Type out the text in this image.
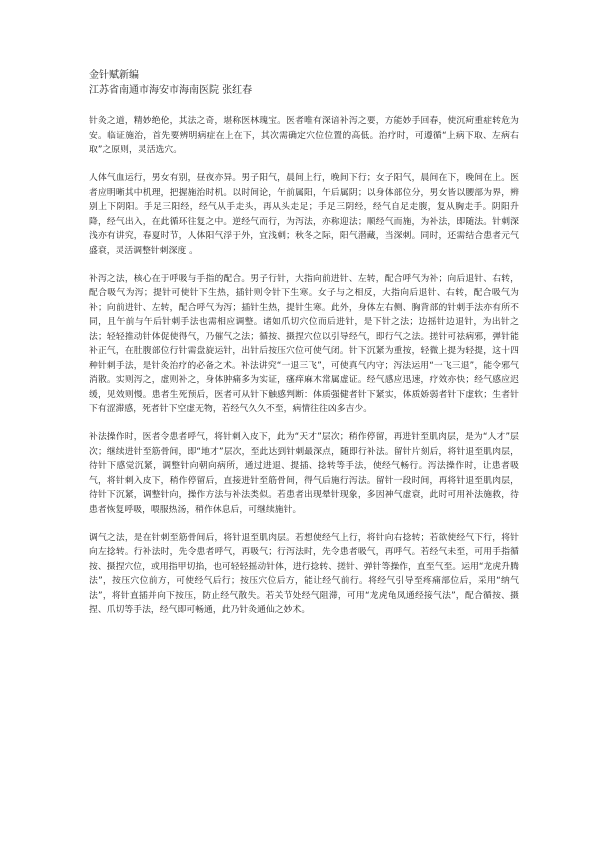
金针赋新编

江苏省南通市海安市海南医院 张红春

针灸之道，精妙绝伦，其法之奇，堪称医林瑰宝。医者唯有深谙补泻之要，方能妙手回春，使沉疴重症转危为安。临证施治，首先要辨明病症在上在下，其次需确定穴位位置的高低。治疗时，可遵循“上病下取、左病右取”之原则，灵活选穴。

人体气血运行，男女有别，昼夜亦异。男子阳气，晨间上行，晚间下行；女子阳气，晨间在下，晚间在上。医者应明晰其中机理，把握施治时机。以时间论，午前属阳，午后属阴；以身体部位分，男女皆以腰部为界，辨别上下阴阳。手足三阳经，经气从手走头，再从头走足；手足三阴经，经气自足走腹，复从胸走手。阴阳升降，经气出入，在此循环往复之中。逆经气而行，为泻法，亦称迎法；顺经气而施，为补法，即随法。针刺深浅亦有讲究，春夏时节，人体阳气浮于外，宜浅刺；秋冬之际，阳气潜藏，当深刺。同时，还需结合患者元气盛衰，灵活调整针刺深度 。

补泻之法，核心在于呼吸与手指的配合。男子行针，大指向前进针、左转，配合呼气为补；向后退针、右转，配合吸气为泻；提针可使针下生热，插针则令针下生寒。女子与之相反，大指向后退针、右转，配合吸气为补；向前进针、左转，配合呼气为泻；插针生热，提针生寒。此外，身体左右侧、胸背部的针刺手法亦有所不同，且午前与午后针刺手法也需相应调整。诸如爪切穴位而后进针，是下针之法；边摇针边退针，为出针之法；轻轻推动针体促使得气，乃催气之法；循按、摄捏穴位以引导经气，即行气之法。搓针可祛病邪，弹针能补正气，在肚腹部位行针需盘旋运针，出针后按压穴位可使气闭。针下沉紧为重按，轻微上提为轻提，这十四种针刺手法，是针灸治疗的必备之术。补法讲究“一退三飞”，可使真气内守；泻法运用“一飞三退”，能令邪气消散。实则泻之，虚则补之，身体肿痛多为实证，瘙痒麻木常属虚证。经气感应迅速，疗效亦快；经气感应迟缓，见效则慢。患者生死预后，医者可从针下触感判断：体质强健者针下紧实，体质娇弱者针下虚软；生者针下有涩滞感，死者针下空虚无物，若经气久久不至，病情往往凶多吉少。

补法操作时，医者令患者呼气，将针刺入皮下，此为“天才”层次；稍作停留，再进针至肌肉层，是为“人才”层次；继续进针至筋骨间，即“地才”层次，至此达到针刺最深点，随即行补法。留针片刻后，将针退至肌肉层，待针下感觉沉紧，调整针向朝向病所，通过进退、提插、捻转等手法，使经气畅行。泻法操作时，让患者吸气，将针刺入皮下，稍作停留后，直接进针至筋骨间，得气后施行泻法。留针一段时间，再将针退至肌肉层，待针下沉紧，调整针向，操作方法与补法类似。若患者出现晕针现象，多因神气虚衰，此时可用补法施救，待患者恢复呼吸，喂服热汤，稍作休息后，可继续施针。

调气之法，是在针刺至筋骨间后，将针退至肌肉层。若想使经气上行，将针向右捻转；若欲使经气下行，将针向左捻转。行补法时，先令患者呼气，再吸气；行泻法时，先令患者吸气，再呼气。若经气未至，可用手指循按、摄捏穴位，或用指甲切掐，也可轻轻摇动针体，进行捻转、搓针、弹针等操作，直至气至。运用“龙虎升腾法”，按压穴位前方，可使经气后行；按压穴位后方，能让经气前行。将经气引导至疼痛部位后，采用“纳气法”，将针直插并向下按压，防止经气散失。若关节处经气阻滞，可用“龙虎龟凤通经接气法”，配合循按、摄捏、爪切等手法，经气即可畅通，此乃针灸通仙之妙术。
